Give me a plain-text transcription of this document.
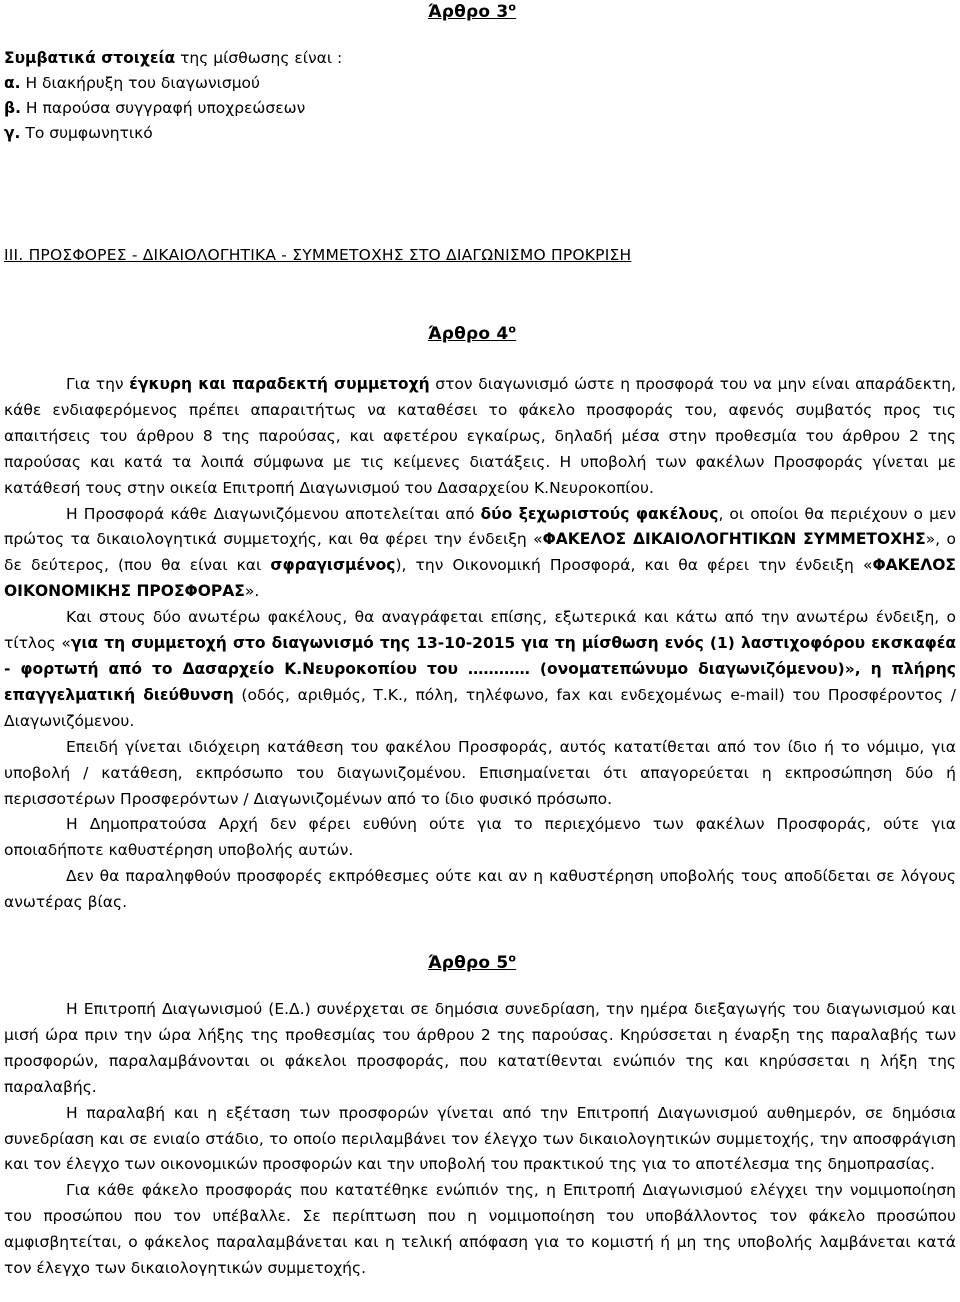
Άρθρο $3^o$
Συμβατικά στοιχεία της μίσθωσης είναι :
α. Η διακήρυξη του διαγωνισμού
β. Η παρούσα συγγραφή υποχρεώσεων
γ. Το συμφωνητικό
ΙΙΙ. ΠΡΟΣΦΟΡΕΣ - ΔΙΚΑΙΟΛΟΓΗΤΙΚΑ - ΣΥΜΜΕΤΟΧΗΣ ΣΤΟ ΔΙΑΓΩΝΙΣΜΟ ΠΡΟΚΡΙΣΗ
Άρθρο $4^o$

Για την έγκυρη και παραδεκτή συμμετοχή στον διαγωνισμό ώστε η προσφορά του να μην είναι απαράδεκτη, κάθε ενδιαφερόμενος πρέπει απαραιτήτως να καταθέσει το φάκελο προσφοράς του, αφενός συμβατός προς τις απαιτήσεις του άρθρου 8 της παρούσας, και αφετέρου εγκαίρως, δηλαδή μέσα στην προθεσμία του άρθρου 2 της παρούσας και κατά τα λοιπά σύμφωνα με τις κείμενες διατάξεις. Η υποβολή των φακέλων Προσφοράς γίνεται με κατάθεσή τους στην οικεία Επιτροπή Διαγωνισμού του Δασαρχείου Κ.Νευροκοπίου.

Η Προσφορά κάθε Διαγωνιζόμενου αποτελείται από δύο ξεχωριστούς φακέλους, οι οποίοι θα περιέχουν ο μεν πρώτος τα δικαιολογητικά συμμετοχής, και θα φέρει την ένδειξη «ΦΑΚΕΛΟΣ ΔΙΚΑΙΟΛΟΓΗΤΙΚΩΝ ΣΥΜΜΕΤΟΧΗΣ», ο δε δεύτερος, (που θα είναι και σφραγισμένος), την Οικονομική Προσφορά, και θα φέρει την ένδειξη «ΦΑΚΕΛΟΣ ΟΙΚΟΝΟΜΙΚΗΣ ΠΡΟΣΦΟΡΑΣ».

Και στους δύο ανωτέρω φακέλους, θα αναγράφεται επίσης, εξωτερικά και κάτω από την ανωτέρω ένδειξη, ο τίτλος «για τη συμμετοχή στο διαγωνισμό της 13-10-2015 για τη μίσθωση ενός (1) λαστιχοφόρου εκσκαφέα - φορτωτή από το Δασαρχείο Κ.Νευροκοπίου του ………… (ονοματεπώνυμο διαγωνιζόμενου)», η πλήρης επαγγελματική διεύθυνση (οδός, αριθμός, Τ.Κ., πόλη, τηλέφωνο, fax και ενδεχομένως e-mail) του Προσφέροντος / Διαγωνιζόμενου.

Επειδή γίνεται ιδιόχειρη κατάθεση του φακέλου Προσφοράς, αυτός κατατίθεται από τον ίδιο ή το νόμιμο, για υποβολή / κατάθεση, εκπρόσωπο του διαγωνιζομένου. Επισημαίνεται ότι απαγορεύεται η εκπροσώπηση δύο ή περισσοτέρων Προσφερόντων / Διαγωνιζομένων από το ίδιο φυσικό πρόσωπο.

Η Δημοπρατούσα Αρχή δεν φέρει ευθύνη ούτε για το περιεχόμενο των φακέλων Προσφοράς, ούτε για οποιαδήποτε καθυστέρηση υποβολής αυτών.

Δεν θα παραληφθούν προσφορές εκπρόθεσμες ούτε και αν η καθυστέρηση υποβολής τους αποδίδεται σε λόγους ανωτέρας βίας.

Άρθρο $5^o$

Η Επιτροπή Διαγωνισμού (Ε.Δ.) συνέρχεται σε δημόσια συνεδρίαση, την ημέρα διεξαγωγής του διαγωνισμού και μισή ώρα πριν την ώρα λήξης της προθεσμίας του άρθρου 2 της παρούσας. Κηρύσσεται η έναρξη της παραλαβής των προσφορών, παραλαμβάνονται οι φάκελοι προσφοράς, που κατατίθενται ενώπιόν της και κηρύσσεται η λήξη της παραλαβής.

Η παραλαβή και η εξέταση των προσφορών γίνεται από την Επιτροπή Διαγωνισμού αυθημερόν, σε δημόσια συνεδρίαση και σε ενιαίο στάδιο, το οποίο περιλαμβάνει τον έλεγχο των δικαιολογητικών συμμετοχής, την αποσφράγιση και τον έλεγχο των οικονομικών προσφορών και την υποβολή του πρακτικού της για το αποτέλεσμα της δημοπρασίας.

Για κάθε φάκελο προσφοράς που κατατέθηκε ενώπιόν της, η Επιτροπή Διαγωνισμού ελέγχει την νομιμοποίηση του προσώπου που τον υπέβαλλε. Σε περίπτωση που η νομιμοποίηση του υποβάλλοντος τον φάκελο προσώπου αμφισβητείται, ο φάκελος παραλαμβάνεται και η τελική απόφαση για το κομιστή ή μη της υποβολής λαμβάνεται κατά τον έλεγχο των δικαιολογητικών συμμετοχής.
